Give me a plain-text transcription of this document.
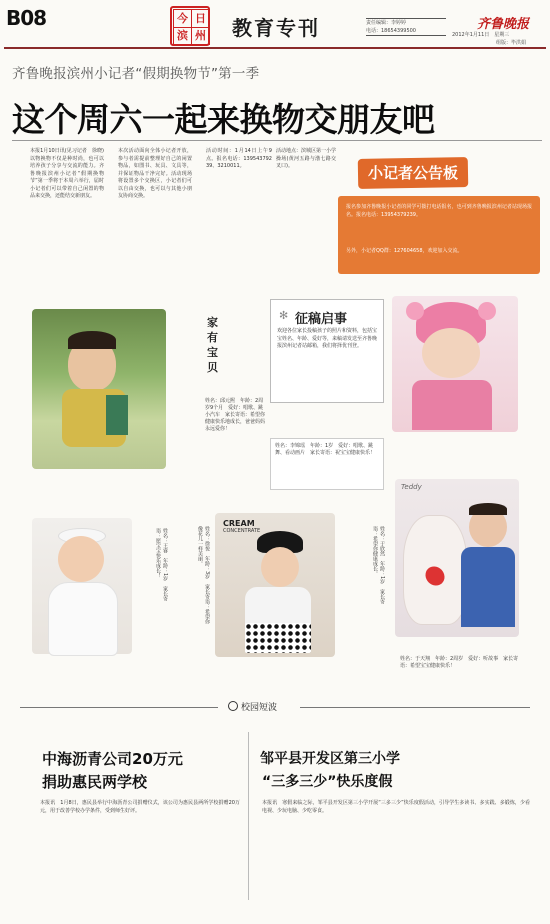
B08	今 日
滨 州 教育专刊	责任编辑：李婷婷
电话：18654399500	齐鲁晚报
2012年1月11日　星期三
组版：毕洪娟
齐鲁晚报滨州小记者“假期换物节”第一季
这个周六一起来换物交朋友吧
本报1月10日讯(见习记者　徐晓)　以物换物不仅是种时尚，也可以培养孩子分享与交流的能力。齐鲁晚报滨州小记者“假期换物节”第一季将于本周六举行，届时小记者们可以带着自己闲置的物品来交换，还能结交新朋友。
本次活动面向全体小记者开放，参与者需提前整理好自己的闲置物品，如图书、玩具、文具等，并保证物品干净完好。活动现场将设置多个交换区，小记者们可以自由交换，也可以与其他小朋友协商交换。
活动时间：1月14日上午9点。报名电话：13954379239、3210011。
活动地点：滨城区第一小学操场(黄河五路与渤七路交叉口)。	小记者公告板
报名参加齐鲁晚报小记者的同学可拨打电话报名，也可到齐鲁晚报滨州记者站现场报名。报名电话：13954379239。
另外，小记者QQ群：127604658，欢迎加入交流。
家
有
宝
贝
✻ 征稿启事
欢迎各位家长投稿孩子的照片和资料，包括宝宝姓名、年龄、爱好等，来稿请发送至齐鲁晚报滨州记者站邮箱，我们将择优刊登。
姓名：邱元熙　年龄：2周岁9个月　爱好：唱歌、跳小汽车　家长寄语：希望你健康快乐地成长，爸爸妈妈永远爱你！
姓名：李锦瑶　年龄：1岁　爱好：唱歌、跳舞、看动画片　家长寄语：祝宝宝健康快乐！
姓名：王睿　年龄：1岁　家长寄语：愿宝宝快乐成长！
CREAM
CONCENTRATE
姓名：徐悦　年龄：3岁　家长寄语：希望你像花儿一样美丽。	姓名：于欣然　年龄：1岁　家长寄语：希望你健康成长。
Teddy
姓名：于天翔　年龄：2周岁　爱好：听故事　家长寄语：希望宝宝健康快乐！
校园短波
中海沥青公司20万元
捐助惠民两学校
本报讯　1月8日，惠民县举行中海沥青公司捐赠仪式，该公司为惠民县两所学校捐赠20万元，用于改善学校办学条件，受到师生好评。
邹平县开发区第三小学
“三多三少”快乐度假
本报讯　寒假来临之际，邹平县开发区第三小学开展“三多三少”快乐度假活动，引导学生多读书、多实践、多锻炼，少看电视、少玩电脑、少吃零食。
